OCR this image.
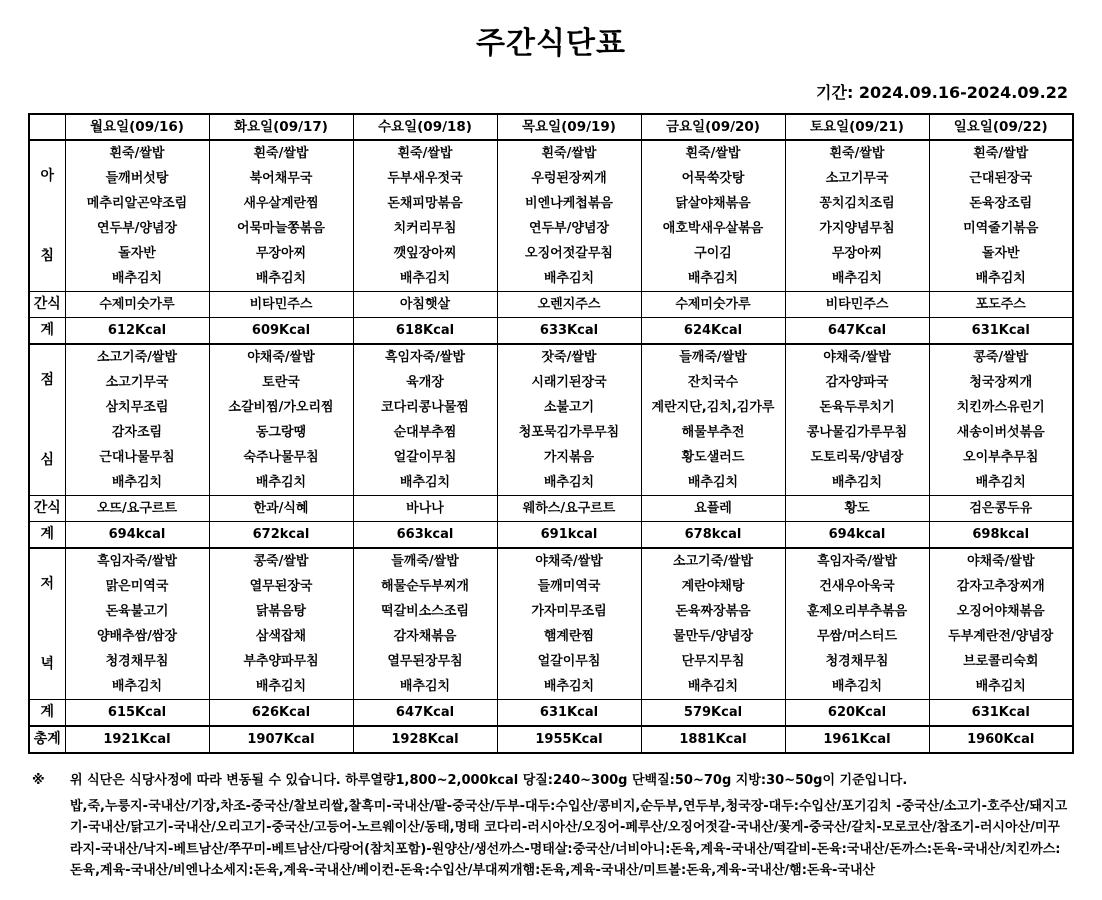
주간식단표
기간: 2024.09.16-2024.09.22
	월요일(09/16)	화요일(09/17)	수요일(09/18)	목요일(09/19)	금요일(09/20)	토요일(09/21)	일요일(09/22)
아

침	흰죽/쌀밥	흰죽/쌀밥	흰죽/쌀밥	흰죽/쌀밥	흰죽/쌀밥	흰죽/쌀밥	흰죽/쌀밥
	들깨버섯탕	북어채무국	두부새우젓국	우렁된장찌개	어묵쑥갓탕	소고기무국	근대된장국
	메추리알곤약조림	새우살계란찜	돈채피망볶음	비엔나케첩볶음	닭살야채볶음	꽁치김치조림	돈육장조림
	연두부/양념장	어묵마늘쫑볶음	치커리무침	연두부/양념장	애호박새우살볶음	가지양념무침	미역줄기볶음
	돌자반	무장아찌	깻잎장아찌	오징어젓갈무침	구이김	무장아찌	돌자반
	배추김치	배추김치	배추김치	배추김치	배추김치	배추김치	배추김치
간식	수제미숫가루	비타민주스	아침햇살	오렌지주스	수제미숫가루	비타민주스	포도주스
계	612Kcal	609Kcal	618Kcal	633Kcal	624Kcal	647Kcal	631Kcal
점

심	소고기죽/쌀밥	야채죽/쌀밥	흑임자죽/쌀밥	잣죽/쌀밥	들깨죽/쌀밥	야채죽/쌀밥	콩죽/쌀밥
	소고기무국	토란국	육개장	시래기된장국	잔치국수	감자양파국	청국장찌개
	삼치무조림	소갈비찜/가오리찜	코다리콩나물찜	소불고기	계란지단,김치,김가루	돈육두루치기	치킨까스유린기
	감자조림	동그랑땡	순대부추찜	청포묵김가루무침	해물부추전	콩나물김가루무침	새송이버섯볶음
	근대나물무침	숙주나물무침	얼갈이무침	가지볶음	황도샐러드	도토리묵/양념장	오이부추무침
	배추김치	배추김치	배추김치	배추김치	배추김치	배추김치	배추김치
간식	오뜨/요구르트	한과/식혜	바나나	웨하스/요구르트	요플레	황도	검은콩두유
계	694kcal	672kcal	663kcal	691kcal	678kcal	694kcal	698kcal
저

녁	흑임자죽/쌀밥	콩죽/쌀밥	들깨죽/쌀밥	야채죽/쌀밥	소고기죽/쌀밥	흑임자죽/쌀밥	야채죽/쌀밥
	맑은미역국	열무된장국	해물순두부찌개	들깨미역국	계란야채탕	건새우아욱국	감자고추장찌개
	돈육불고기	닭볶음탕	떡갈비소스조림	가자미무조림	돈육짜장볶음	훈제오리부추볶음	오징어야채볶음
	양배추쌈/쌈장	삼색잡채	감자채볶음	햄계란찜	물만두/양념장	무쌈/머스터드	두부계란전/양념장
	청경채무침	부추양파무침	열무된장무침	얼갈이무침	단무지무침	청경채무침	브로콜리숙회
	배추김치	배추김치	배추김치	배추김치	배추김치	배추김치	배추김치
계	615Kcal	626Kcal	647Kcal	631Kcal	579Kcal	620Kcal	631Kcal
총계	1921Kcal	1907Kcal	1928Kcal	1955Kcal	1881Kcal	1961Kcal	1960Kcal
※ 위 식단은 식당사정에 따라 변동될 수 있습니다. 하루열량1,800~2,000kcal 당질:240~300g 단백질:50~70g 지방:30~50g이 기준입니다.
밥,죽,누룽지-국내산/기장,차조-중국산/찰보리쌀,찰흑미-국내산/팥-중국산/두부-대두:수입산/콩비지,순두부,연두부,청국장-대두:수입산/포기김치 -중국산/소고기-호주산/돼지고기-국내산/닭고기-국내산/오리고기-중국산/고등어-노르웨이산/동태,명태 코다리-러시아산/오징어-페루산/오징어젓갈-국내산/꽃게-중국산/갈치-모로코산/참조기-러시아산/미꾸라지-국내산/낙지-베트남산/쭈꾸미-베트남산/다랑어(참치포함)-원양산/생선까스-명태살:중국산/너비아니:돈육,계육-국내산/떡갈비-돈육:국내산/돈까스:돈육-국내산/치킨까스:돈육,계육-국내산/비엔나소세지:돈육,계육-국내산/베이컨-돈육:수입산/부대찌개햄:돈육,계육-국내산/미트볼:돈육,계육-국내산/햄:돈육-국내산
